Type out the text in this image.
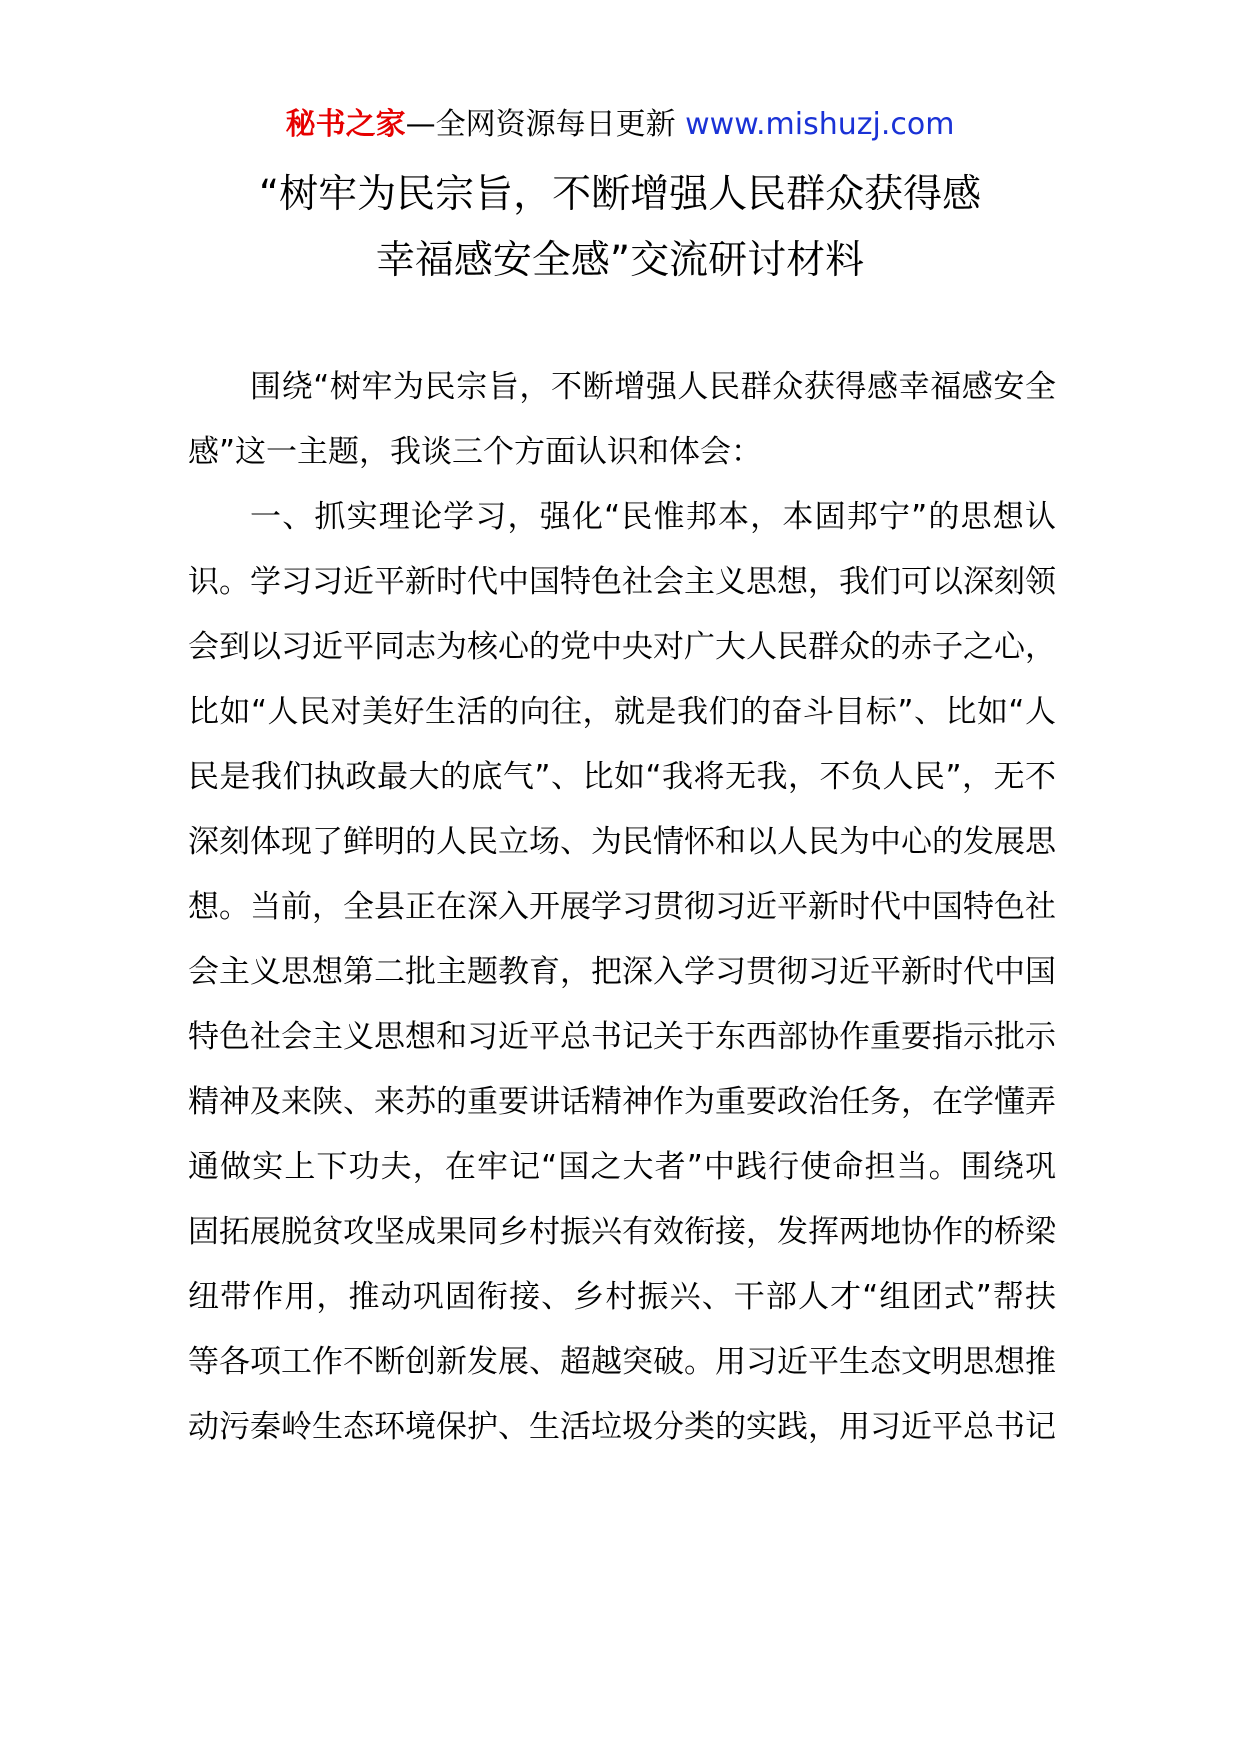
秘书之家—全网资源每日更新 www.mishuzj.com
“树牢为民宗旨，不断增强人民群众获得感
幸福感安全感”交流研讨材料

围绕“树牢为民宗旨，不断增强人民群众获得感幸福感安全感”这一主题，我谈三个方面认识和体会：

一、抓实理论学习，强化“民惟邦本，本固邦宁”的思想认识。学习习近平新时代中国特色社会主义思想，我们可以深刻领会到以习近平同志为核心的党中央对广大人民群众的赤子之心，比如“人民对美好生活的向往，就是我们的奋斗目标”、比如“人民是我们执政最大的底气”、比如“我将无我，不负人民”，无不深刻体现了鲜明的人民立场、为民情怀和以人民为中心的发展思想。当前，全县正在深入开展学习贯彻习近平新时代中国特色社会主义思想第二批主题教育，把深入学习贯彻习近平新时代中国特色社会主义思想和习近平总书记关于东西部协作重要指示批示精神及来陕、来苏的重要讲话精神作为重要政治任务，在学懂弄通做实上下功夫，在牢记“国之大者”中践行使命担当。围绕巩固拓展脱贫攻坚成果同乡村振兴有效衔接，发挥两地协作的桥梁纽带作用，推动巩固衔接、乡村振兴、干部人才“组团式”帮扶等各项工作不断创新发展、超越突破。用习近平生态文明思想推动污秦岭生态环境保护、生活垃圾分类的实践，用习近平总书记
